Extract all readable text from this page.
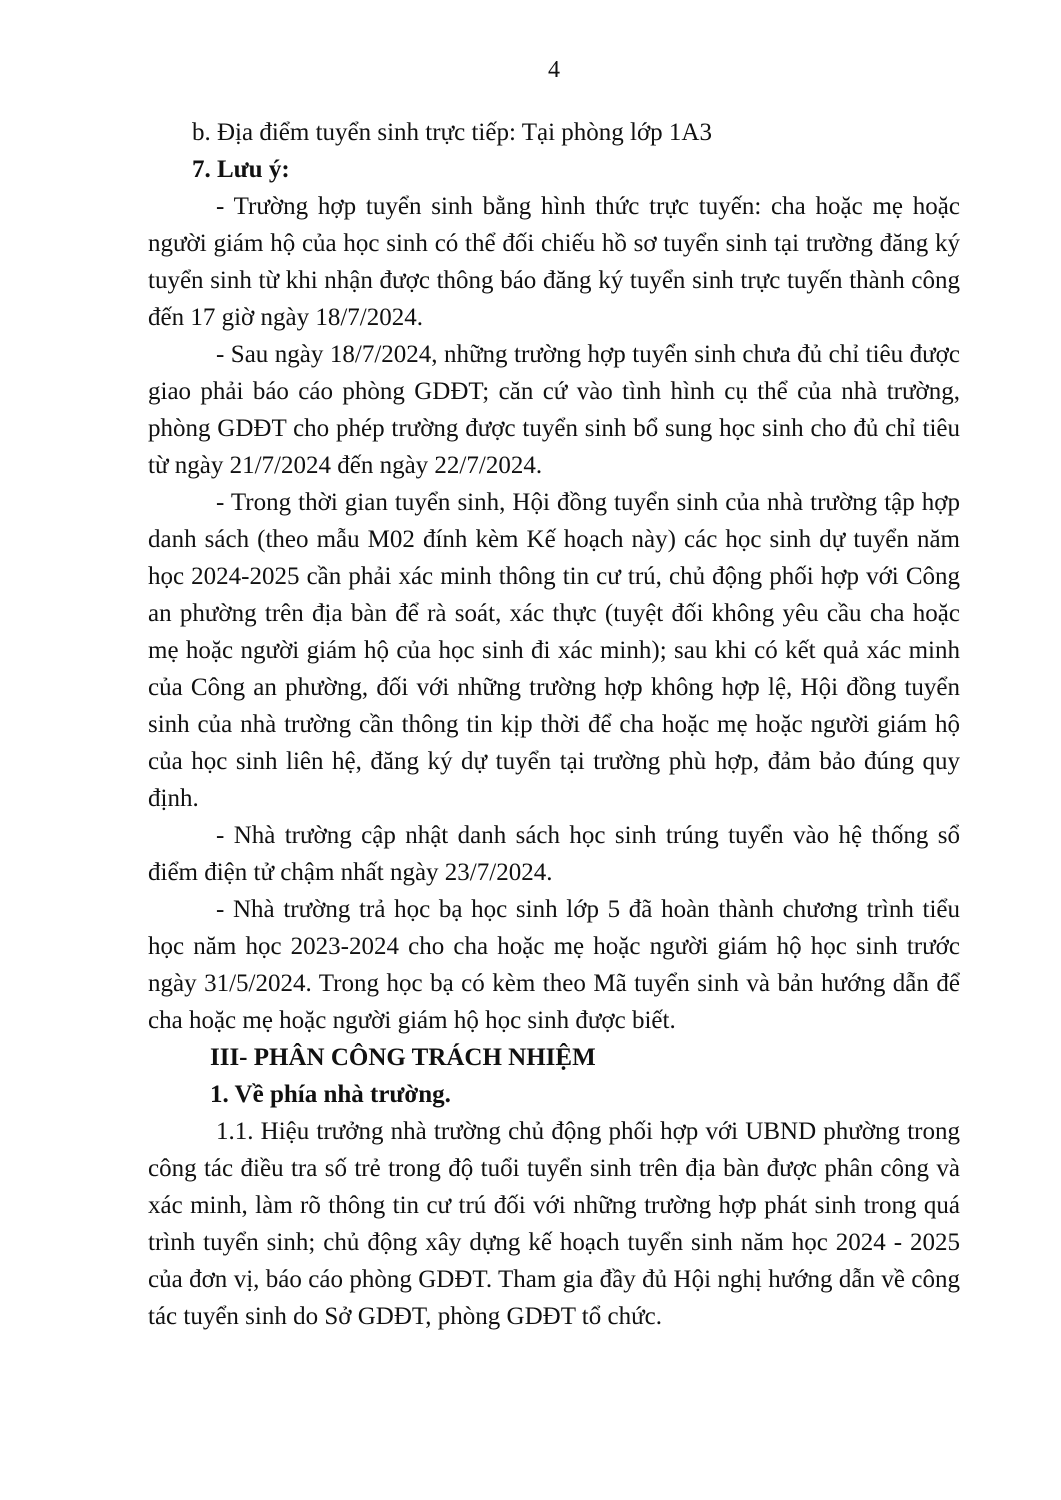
4

b. Địa điểm tuyển sinh trực tiếp: Tại phòng lớp 1A3

7. Lưu ý:

- Trường hợp tuyển sinh bằng hình thức trực tuyến: cha hoặc mẹ hoặc người giám hộ của học sinh có thể đối chiếu hồ sơ tuyển sinh tại trường đăng ký tuyển sinh từ khi nhận được thông báo đăng ký tuyển sinh trực tuyến thành công đến 17 giờ ngày 18/7/2024.

- Sau ngày 18/7/2024, những trường hợp tuyển sinh chưa đủ chỉ tiêu được giao phải báo cáo phòng GDĐT; căn cứ vào tình hình cụ thể của nhà trường, phòng GDĐT cho phép trường được tuyển sinh bổ sung học sinh cho đủ chỉ tiêu từ ngày 21/7/2024 đến ngày 22/7/2024.

- Trong thời gian tuyển sinh, Hội đồng tuyển sinh của nhà trường tập hợp danh sách (theo mẫu M02 đính kèm Kế hoạch này) các học sinh dự tuyển năm học 2024-2025 cần phải xác minh thông tin cư trú, chủ động phối hợp với Công an phường trên địa bàn để rà soát, xác thực (tuyệt đối không yêu cầu cha hoặc mẹ hoặc người giám hộ của học sinh đi xác minh); sau khi có kết quả xác minh của Công an phường, đối với những trường hợp không hợp lệ, Hội đồng tuyển sinh của nhà trường cần thông tin kịp thời để cha hoặc mẹ hoặc người giám hộ của học sinh liên hệ, đăng ký dự tuyển tại trường phù hợp, đảm bảo đúng quy định.

- Nhà trường cập nhật danh sách học sinh trúng tuyển vào hệ thống sổ điểm điện tử chậm nhất ngày 23/7/2024.

- Nhà trường trả học bạ học sinh lớp 5 đã hoàn thành chương trình tiểu học năm học 2023-2024 cho cha hoặc mẹ hoặc người giám hộ học sinh trước ngày 31/5/2024. Trong học bạ có kèm theo Mã tuyển sinh và bản hướng dẫn để cha hoặc mẹ hoặc người giám hộ học sinh được biết.

III- PHÂN CÔNG TRÁCH NHIỆM

1. Về phía nhà trường.

1.1. Hiệu trưởng nhà trường chủ động phối hợp với UBND phường trong công tác điều tra số trẻ trong độ tuổi tuyển sinh trên địa bàn được phân công và xác minh, làm rõ thông tin cư trú đối với những trường hợp phát sinh trong quá trình tuyển sinh; chủ động xây dựng kế hoạch tuyển sinh năm học 2024 - 2025 của đơn vị, báo cáo phòng GDĐT. Tham gia đầy đủ Hội nghị hướng dẫn về công tác tuyển sinh do Sở GDĐT, phòng GDĐT tổ chức.
